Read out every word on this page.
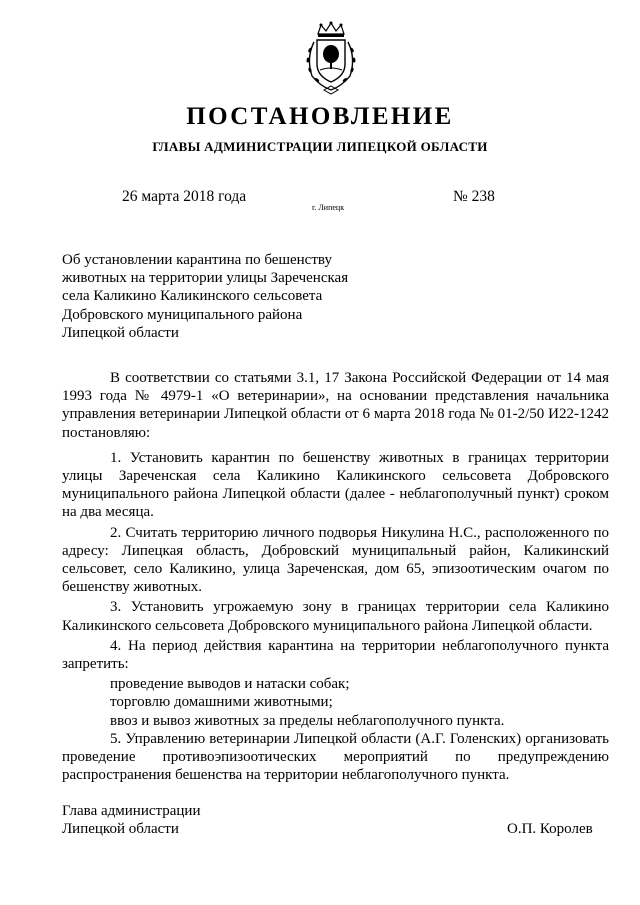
ПОСТАНОВЛЕНИЕ
ГЛАВЫ АДМИНИСТРАЦИИ ЛИПЕЦКОЙ ОБЛАСТИ
26 марта 2018 года
г. Липецк
№ 238
Об установлении карантина по бешенству
животных на территории улицы Зареченская
села Каликино Каликинского сельсовета
Добровского муниципального района
Липецкой области

В соответствии со статьями 3.1, 17 Закона Российской Федерации от 14 мая 1993 года № 4979-1 «О ветеринарии», на основании представления начальника управления ветеринарии Липецкой области от 6 марта 2018 года № 01-2/50 И22-1242 постановляю:

1. Установить карантин по бешенству животных в границах территории улицы Зареченская села Каликино Каликинского сельсовета Добровского муниципального района Липецкой области (далее - неблагополучный пункт) сроком на два месяца.

2. Считать территорию личного подворья Никулина Н.С., расположенного по адресу: Липецкая область, Добровский муниципальный район, Каликинский сельсовет, село Каликино, улица Зареченская, дом 65, эпизоотическим очагом по бешенству животных.

3. Установить угрожаемую зону в границах территории села Каликино Каликинского сельсовета Добровского муниципального района Липецкой области.

4. На период действия карантина на территории неблагополучного пункта запретить:

проведение выводов и натаски собак;

торговлю домашними животными;

ввоз и вывоз животных за пределы неблагополучного пункта.

5. Управлению ветеринарии Липецкой области (А.Г. Голенских) организовать проведение противоэпизоотических мероприятий по предупреждению распространения бешенства на территории неблагополучного пункта.

Глава администрации
Липецкой области	О.П. Королев
